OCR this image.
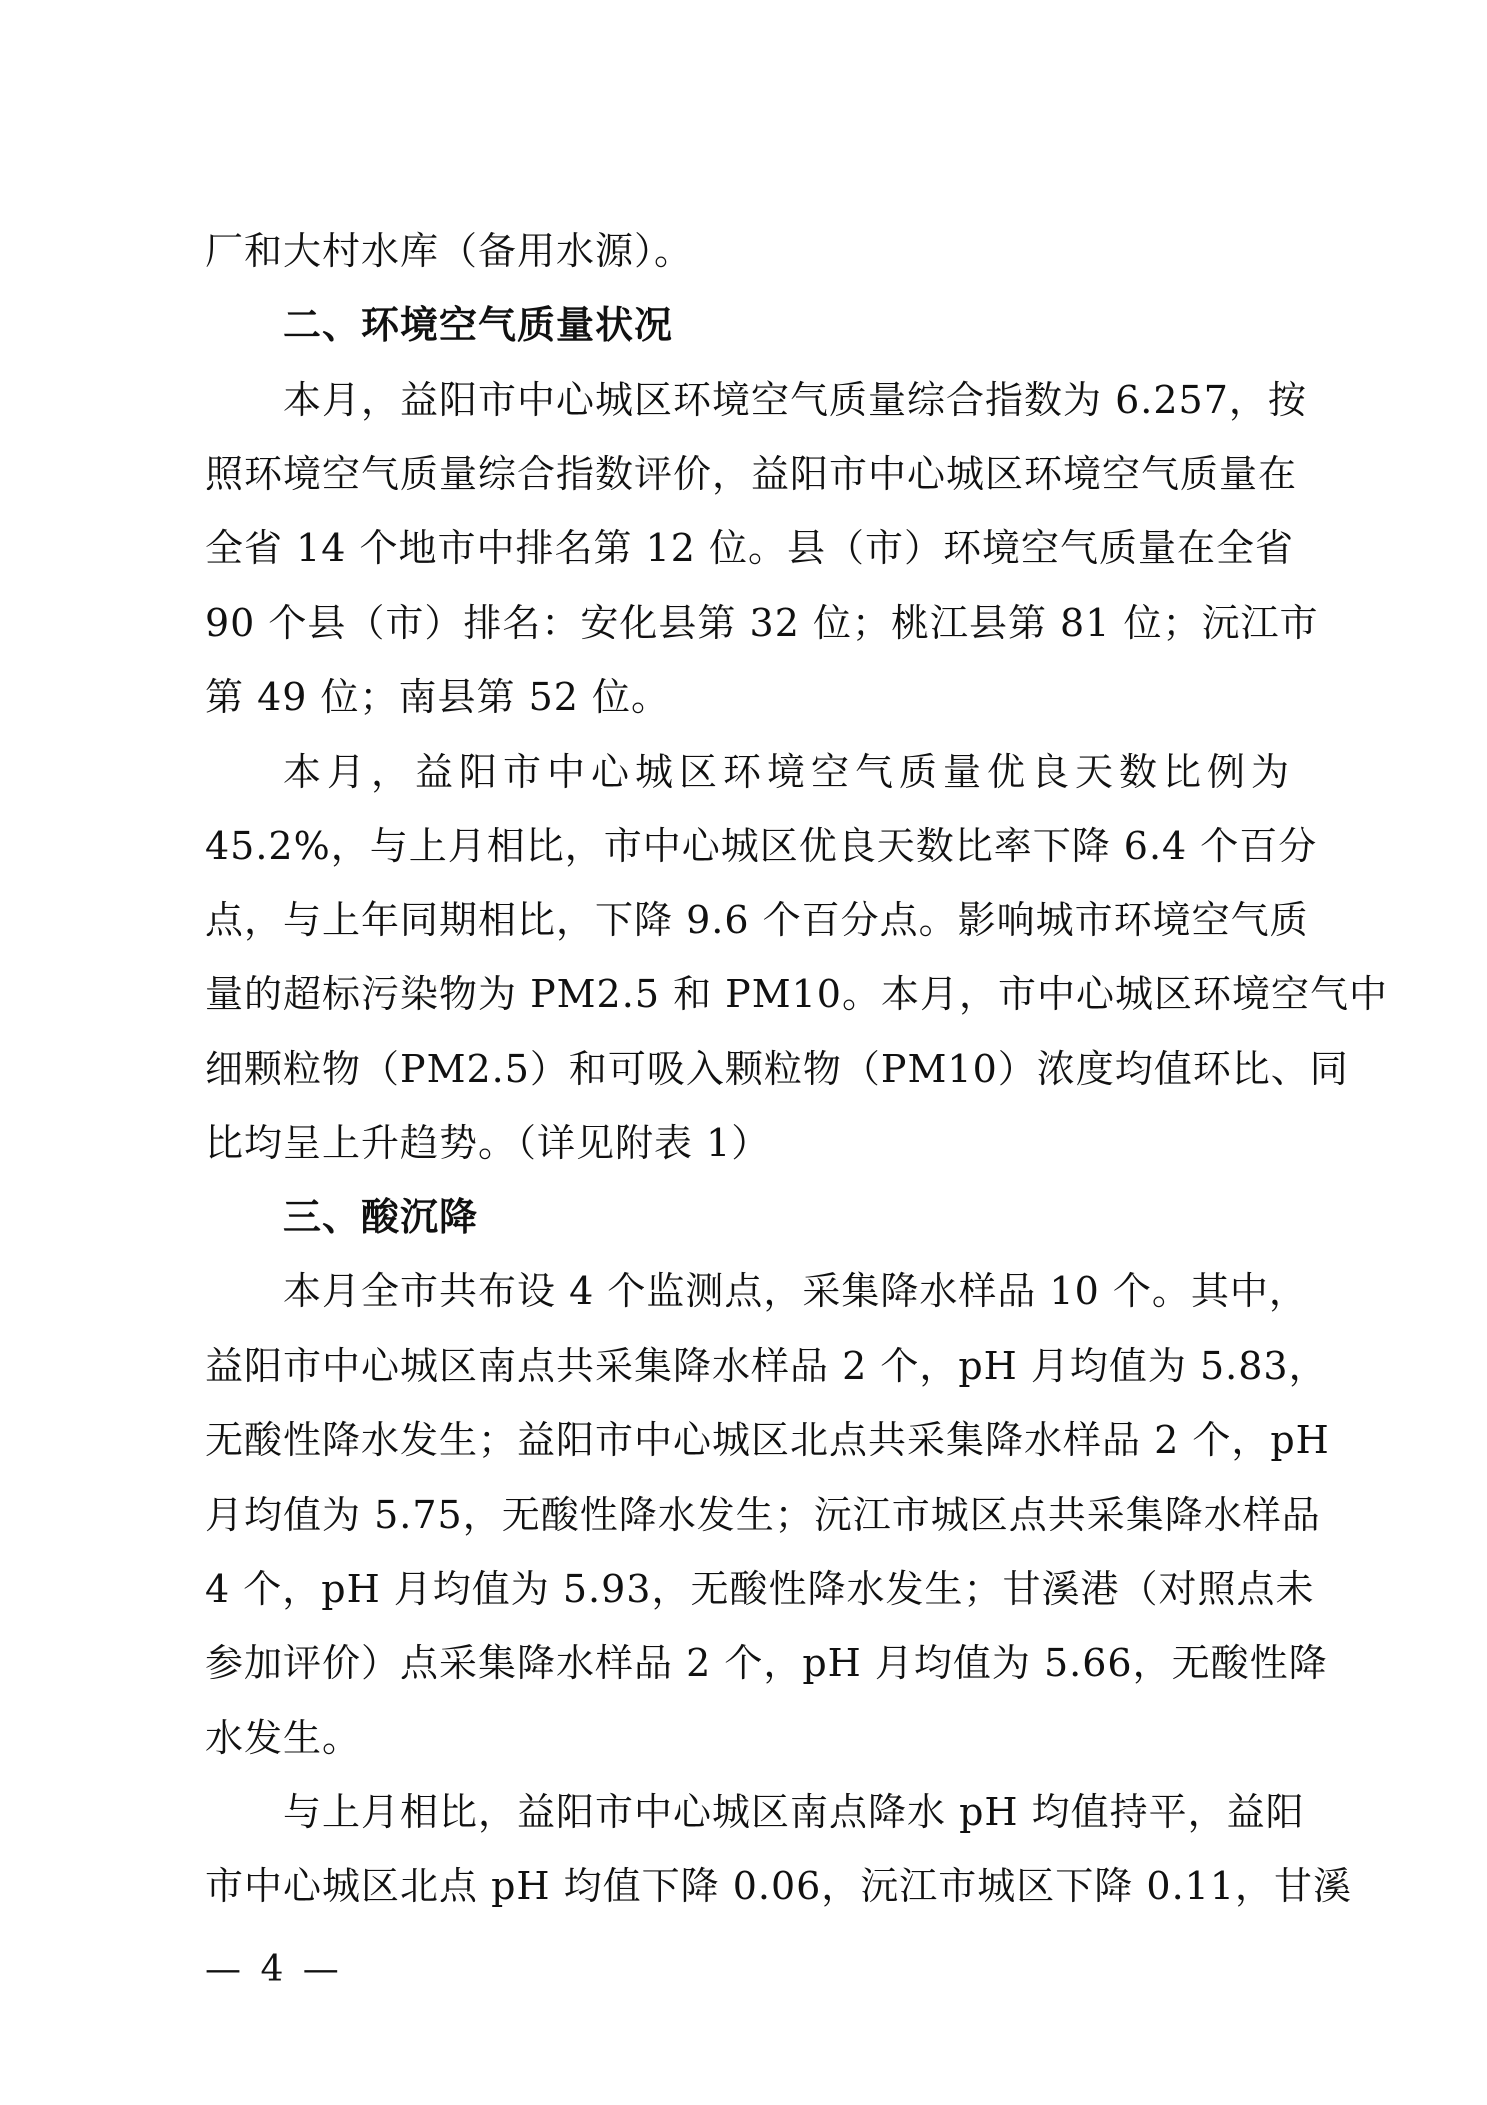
厂和大村水库（备用水源）。
二、环境空气质量状况
本月，益阳市中心城区环境空气质量综合指数为 6.257，按
照环境空气质量综合指数评价，益阳市中心城区环境空气质量在
全省 14 个地市中排名第 12 位。县（市）环境空气质量在全省
90 个县（市）排名：安化县第 32 位；桃江县第 81 位；沅江市
第 49 位；南县第 52 位。
本月，益阳市中心城区环境空气质量优良天数比例为
45.2%，与上月相比，市中心城区优良天数比率下降 6.4 个百分
点，与上年同期相比，下降 9.6 个百分点。影响城市环境空气质
量的超标污染物为 PM2.5 和 PM10。本月，市中心城区环境空气中
细颗粒物（PM2.5）和可吸入颗粒物（PM10）浓度均值环比、同
比均呈上升趋势。（详见附表 1）
三、酸沉降
本月全市共布设 4 个监测点，采集降水样品 10 个。其中，
益阳市中心城区南点共采集降水样品 2 个，pH 月均值为 5.83，
无酸性降水发生；益阳市中心城区北点共采集降水样品 2 个，pH
月均值为 5.75，无酸性降水发生；沅江市城区点共采集降水样品
4 个，pH 月均值为 5.93，无酸性降水发生；甘溪港（对照点未
参加评价）点采集降水样品 2 个，pH 月均值为 5.66，无酸性降
水发生。
与上月相比，益阳市中心城区南点降水 pH 均值持平，益阳
市中心城区北点 pH 均值下降 0.06，沅江市城区下降 0.11，甘溪
— 4 —
